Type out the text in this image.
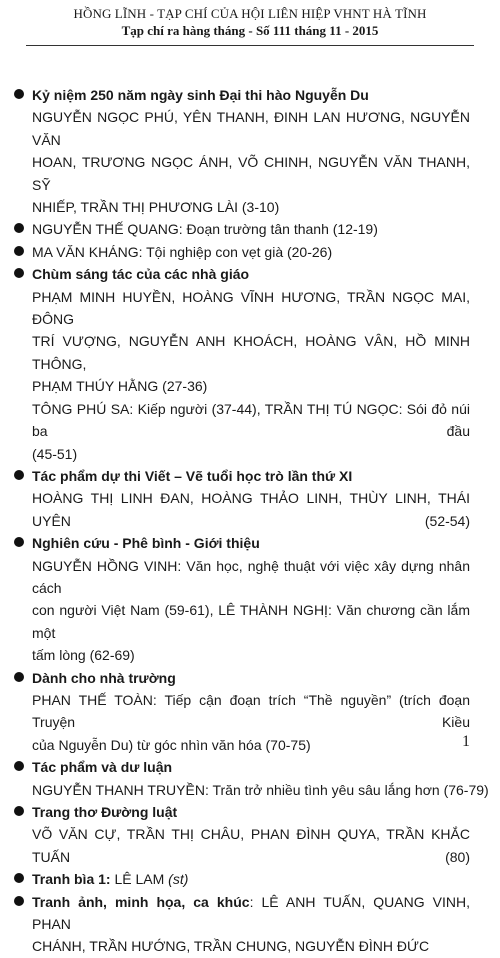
HỒNG LĨNH - TẠP CHÍ CỦA HỘI LIÊN HIỆP VHNT HÀ TĨNH
Tạp chí ra hàng tháng - Số 111 tháng 11 - 2015
Kỷ niệm 250 năm ngày sinh Đại thi hào Nguyễn Du
NGUYỄN NGỌC PHÚ, YÊN THANH, ĐINH LAN HƯƠNG, NGUYỄN VĂN
HOAN, TRƯƠNG NGỌC ÁNH, VÕ CHINH, NGUYỄN VĂN THANH, SỸ
NHIẾP, TRẦN THỊ PHƯƠNG LÀI (3-10)
NGUYỄN THẾ QUANG: Đoạn trường tân thanh (12-19)
MA VĂN KHÁNG: Tội nghiệp con vẹt già (20-26)
Chùm sáng tác của các nhà giáo
PHẠM MINH HUYỀN, HOÀNG VĨNH HƯƠNG, TRẦN NGỌC MAI, ĐÔNG
TRÍ VƯỢNG, NGUYỄN ANH KHOÁCH, HOÀNG VÂN, HỒ MINH THÔNG,
PHẠM THÚY HẰNG (27-36)
TÔNG PHÚ SA: Kiếp người (37-44), TRẦN THỊ TÚ NGỌC: Sói đỏ núi ba đầu
(45-51)
Tác phẩm dự thi Viết – Vẽ tuổi học trò lần thứ XI
HOÀNG THỊ LINH ĐAN, HOÀNG THẢO LINH, THÙY LINH, THÁI UYÊN (52-54)
Nghiên cứu - Phê bình - Giới thiệu
NGUYỄN HỒNG VINH: Văn học, nghệ thuật với việc xây dựng nhân cách
con người Việt Nam (59-61), LÊ THÀNH NGHỊ: Văn chương cần lắm một
tấm lòng (62-69)
Dành cho nhà trường
PHAN THẾ TOÀN: Tiếp cận đoạn trích “Thề nguyền” (trích đoạn Truyện Kiều
của Nguyễn Du) từ góc nhìn văn hóa (70-75)
Tác phẩm và dư luận
NGUYỄN THANH TRUYỀN: Trăn trở nhiều tình yêu sâu lắng hơn (76-79)
Trang thơ Đường luật
VÕ VĂN CỰ, TRẦN THỊ CHÂU, PHAN ĐÌNH QUYA, TRẦN KHẮC TUẤN (80)
Tranh bìa 1: LÊ LAM (st)
Tranh ảnh, minh họa, ca khúc: LÊ ANH TUẤN, QUANG VINH, PHAN
CHÁNH, TRẦN HƯỚNG, TRẦN CHUNG, NGUYỄN ĐÌNH ĐỨC
1
